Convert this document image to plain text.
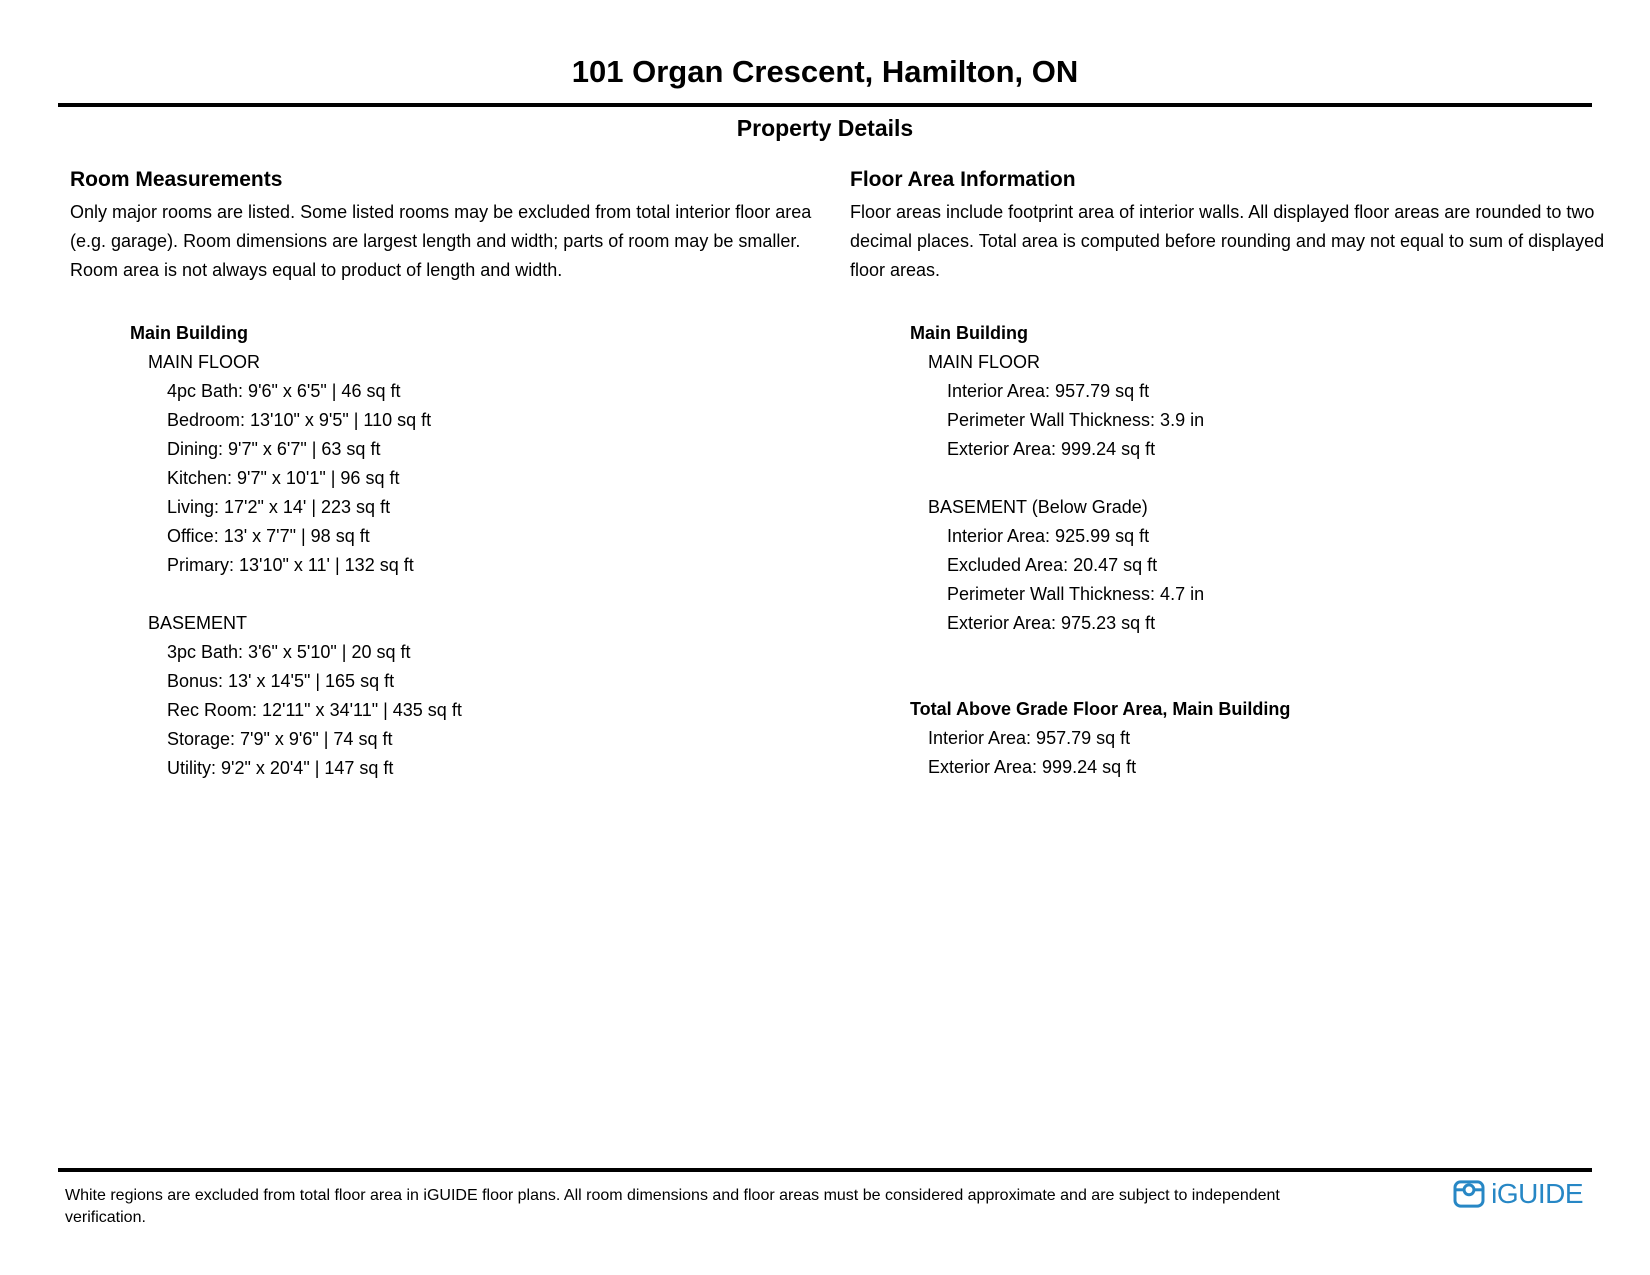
101 Organ Crescent, Hamilton, ON
Property Details
Room Measurements
Only major rooms are listed. Some listed rooms may be excluded from total interior floor area (e.g. garage). Room dimensions are largest length and width; parts of room may be smaller. Room area is not always equal to product of length and width.
Main Building
MAIN FLOOR
4pc Bath: 9'6" x 6'5" | 46 sq ft
Bedroom: 13'10" x 9'5" | 110 sq ft
Dining: 9'7" x 6'7" | 63 sq ft
Kitchen: 9'7" x 10'1" | 96 sq ft
Living: 17'2" x 14' | 223 sq ft
Office: 13' x 7'7" | 98 sq ft
Primary: 13'10" x 11' | 132 sq ft
BASEMENT
3pc Bath: 3'6" x 5'10" | 20 sq ft
Bonus: 13' x 14'5" | 165 sq ft
Rec Room: 12'11" x 34'11" | 435 sq ft
Storage: 7'9" x 9'6" | 74 sq ft
Utility: 9'2" x 20'4" | 147 sq ft
Floor Area Information
Floor areas include footprint area of interior walls. All displayed floor areas are rounded to two decimal places. Total area is computed before rounding and may not equal to sum of displayed floor areas.
Main Building
MAIN FLOOR
Interior Area: 957.79 sq ft
Perimeter Wall Thickness: 3.9 in
Exterior Area: 999.24 sq ft
BASEMENT (Below Grade)
Interior Area: 925.99 sq ft
Excluded Area: 20.47 sq ft
Perimeter Wall Thickness: 4.7 in
Exterior Area: 975.23 sq ft
Total Above Grade Floor Area, Main Building
Interior Area: 957.79 sq ft
Exterior Area: 999.24 sq ft
White regions are excluded from total floor area in iGUIDE floor plans. All room dimensions and floor areas must be considered approximate and are subject to independent verification.
iGUIDE
